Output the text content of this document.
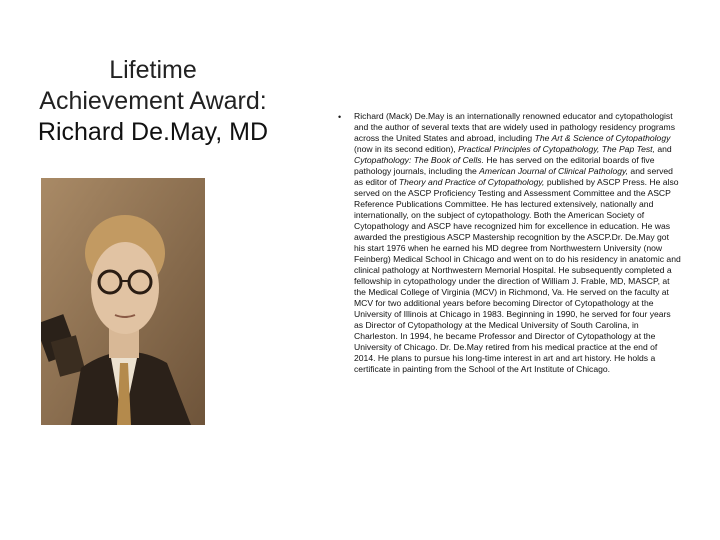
Lifetime
Achievement Award:
Richard De.May, MD
•	Richard (Mack) De.May is an internationally renowned educator and cytopathologist and the author of several texts that are widely used in pathology residency programs across the United States and abroad, including The Art & Science of Cytopathology (now in its second edition), Practical Principles of Cytopathology, The Pap Test, and Cytopathology: The Book of Cells. He has served on the editorial boards of five pathology journals, including the American Journal of Clinical Pathology, and served as editor of Theory and Practice of Cytopathology, published by ASCP Press. He also served on the ASCP Proficiency Testing and Assessment Committee and the ASCP Reference Publications Committee. He has lectured extensively, nationally and internationally, on the subject of cytopathology. Both the American Society of Cytopathology and ASCP have recognized him for excellence in education. He was awarded the prestigious ASCP Mastership recognition by the ASCP.Dr. De.May got his start 1976 when he earned his MD degree from Northwestern University (now Feinberg) Medical School in Chicago and went on to do his residency in anatomic and clinical pathology at Northwestern Memorial Hospital. He subsequently completed a fellowship in cytopathology under the direction of William J. Frable, MD, MASCP, at the Medical College of Virginia (MCV) in Richmond, Va. He served on the faculty at MCV for two additional years before becoming Director of Cytopathology at the University of Illinois at Chicago in 1983. Beginning in 1990, he served for four years as Director of Cytopathology at the Medical University of South Carolina, in Charleston. In 1994, he became Professor and Director of Cytopathology at the University of Chicago. Dr. De.May retired from his medical practice at the end of 2014. He plans to pursue his long-time interest in art and art history. He holds a certificate in painting from the School of the Art Institute of Chicago.
